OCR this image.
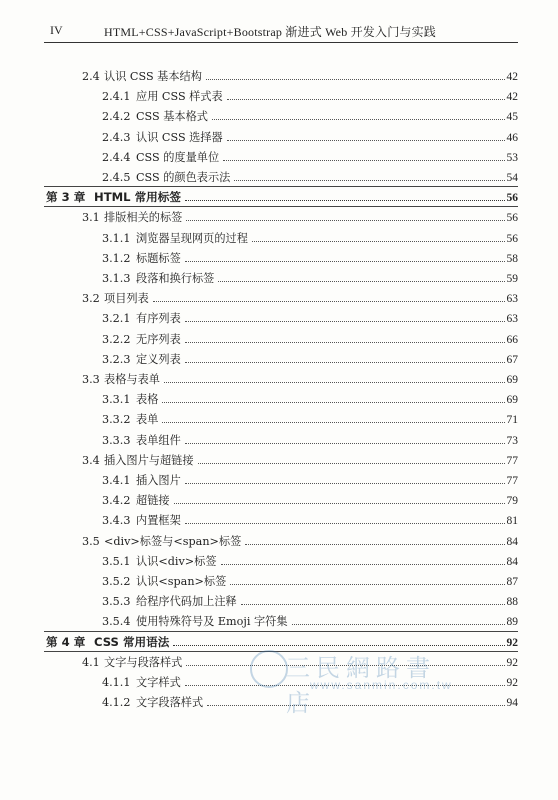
IV	HTML+CSS+JavaScript+Bootstrap 渐进式 Web 开发入门与实践
2.4 认识 CSS 基本结构	42
2.4.1 应用 CSS 样式表	42
2.4.2 CSS 基本格式	45
2.4.3 认识 CSS 选择器	46
2.4.4 CSS 的度量单位	53
2.4.5 CSS 的颜色表示法	54
第 3 章 HTML 常用标签	56
3.1 排版相关的标签	56
3.1.1 浏览器呈现网页的过程	56
3.1.2 标题标签	58
3.1.3 段落和换行标签	59
3.2 项目列表	63
3.2.1 有序列表	63
3.2.2 无序列表	66
3.2.3 定义列表	67
3.3 表格与表单	69
3.3.1 表格	69
3.3.2 表单	71
3.3.3 表单组件	73
3.4 插入图片与超链接	77
3.4.1 插入图片	77
3.4.2 超链接	79
3.4.3 内置框架	81
3.5 <div>标签与<span>标签	84
3.5.1 认识<div>标签	84
3.5.2 认识<span>标签	87
3.5.3 给程序代码加上注释	88
3.5.4 使用特殊符号及 Emoji 字符集	89
第 4 章 CSS 常用语法	92
4.1 文字与段落样式	92
4.1.1 文字样式	92
4.1.2 文字段落样式	94
三民網路書店
www.sanmin.com.tw
